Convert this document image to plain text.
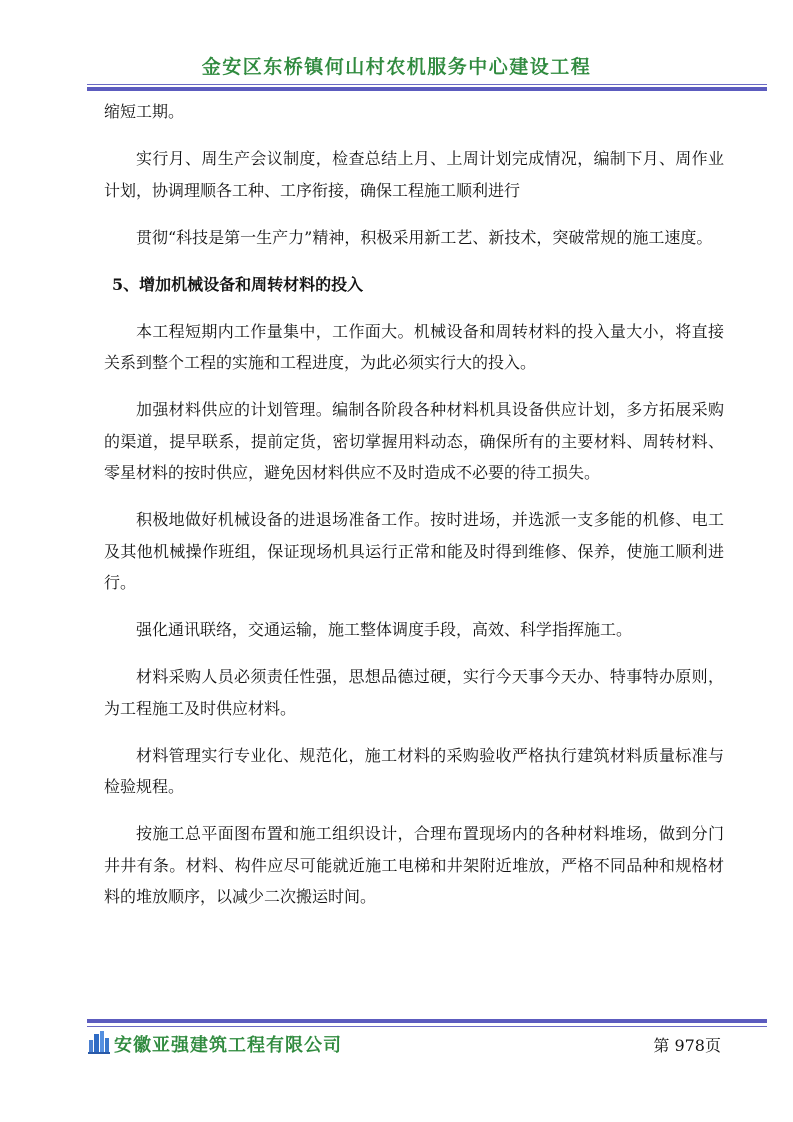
金安区东桥镇何山村农机服务中心建设工程

缩短工期。

实行月、周生产会议制度，检查总结上月、上周计划完成情况，编制下月、周作业计划，协调理顺各工种、工序衔接，确保工程施工顺利进行

贯彻“科技是第一生产力”精神，积极采用新工艺、新技术，突破常规的施工速度。

5、增加机械设备和周转材料的投入

本工程短期内工作量集中，工作面大。机械设备和周转材料的投入量大小，将直接关系到整个工程的实施和工程进度，为此必须实行大的投入。

加强材料供应的计划管理。编制各阶段各种材料机具设备供应计划，多方拓展采购的渠道，提早联系，提前定货，密切掌握用料动态，确保所有的主要材料、周转材料、零星材料的按时供应，避免因材料供应不及时造成不必要的待工损失。

积极地做好机械设备的进退场准备工作。按时进场，并选派一支多能的机修、电工及其他机械操作班组，保证现场机具运行正常和能及时得到维修、保养，使施工顺利进行。

强化通讯联络，交通运输，施工整体调度手段，高效、科学指挥施工。

材料采购人员必须责任性强，思想品德过硬，实行今天事今天办、特事特办原则，为工程施工及时供应材料。

材料管理实行专业化、规范化，施工材料的采购验收严格执行建筑材料质量标准与检验规程。

按施工总平面图布置和施工组织设计，合理布置现场内的各种材料堆场，做到分门井井有条。材料、构件应尽可能就近施工电梯和井架附近堆放，严格不同品种和规格材料的堆放顺序，以减少二次搬运时间。

安徽亚强建筑工程有限公司	第 978页
